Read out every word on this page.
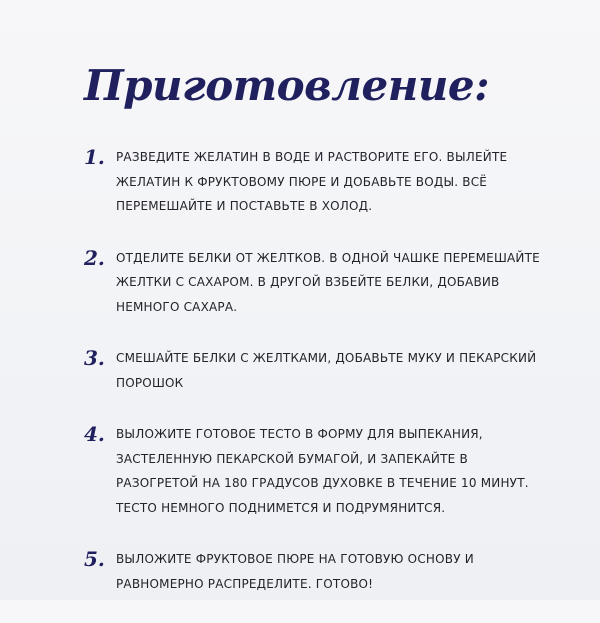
Приготовление:
1. РАЗВЕДИТЕ ЖЕЛАТИН В ВОДЕ И РАСТВОРИТЕ ЕГО. ВЫЛЕЙТЕ ЖЕЛАТИН К ФРУКТОВОМУ ПЮРЕ И ДОБАВЬТЕ ВОДЫ. ВСЁ ПЕРЕМЕШАЙТЕ И ПОСТАВЬТЕ В ХОЛОД.
2. ОТДЕЛИТЕ БЕЛКИ ОТ ЖЕЛТКОВ. В ОДНОЙ ЧАШКЕ ПЕРЕМЕШАЙТЕ ЖЕЛТКИ С САХАРОМ. В ДРУГОЙ ВЗБЕЙТЕ БЕЛКИ, ДОБАВИВ НЕМНОГО САХАРА.
3. СМЕШАЙТЕ БЕЛКИ С ЖЕЛТКАМИ, ДОБАВЬТЕ МУКУ И ПЕКАРСКИЙ ПОРОШОК
4. ВЫЛОЖИТЕ ГОТОВОЕ ТЕСТО В ФОРМУ ДЛЯ ВЫПЕКАНИЯ, ЗАСТЕЛЕННУЮ ПЕКАРСКОЙ БУМАГОЙ, И ЗАПЕКАЙТЕ В РАЗОГРЕТОЙ НА 180 ГРАДУСОВ ДУХОВКЕ В ТЕЧЕНИЕ 10 МИНУТ. ТЕСТО НЕМНОГО ПОДНИМЕТСЯ И ПОДРУМЯНИТСЯ.
5. ВЫЛОЖИТЕ ФРУКТОВОЕ ПЮРЕ НА ГОТОВУЮ ОСНОВУ И РАВНОМЕРНО РАСПРЕДЕЛИТЕ. ГОТОВО!
